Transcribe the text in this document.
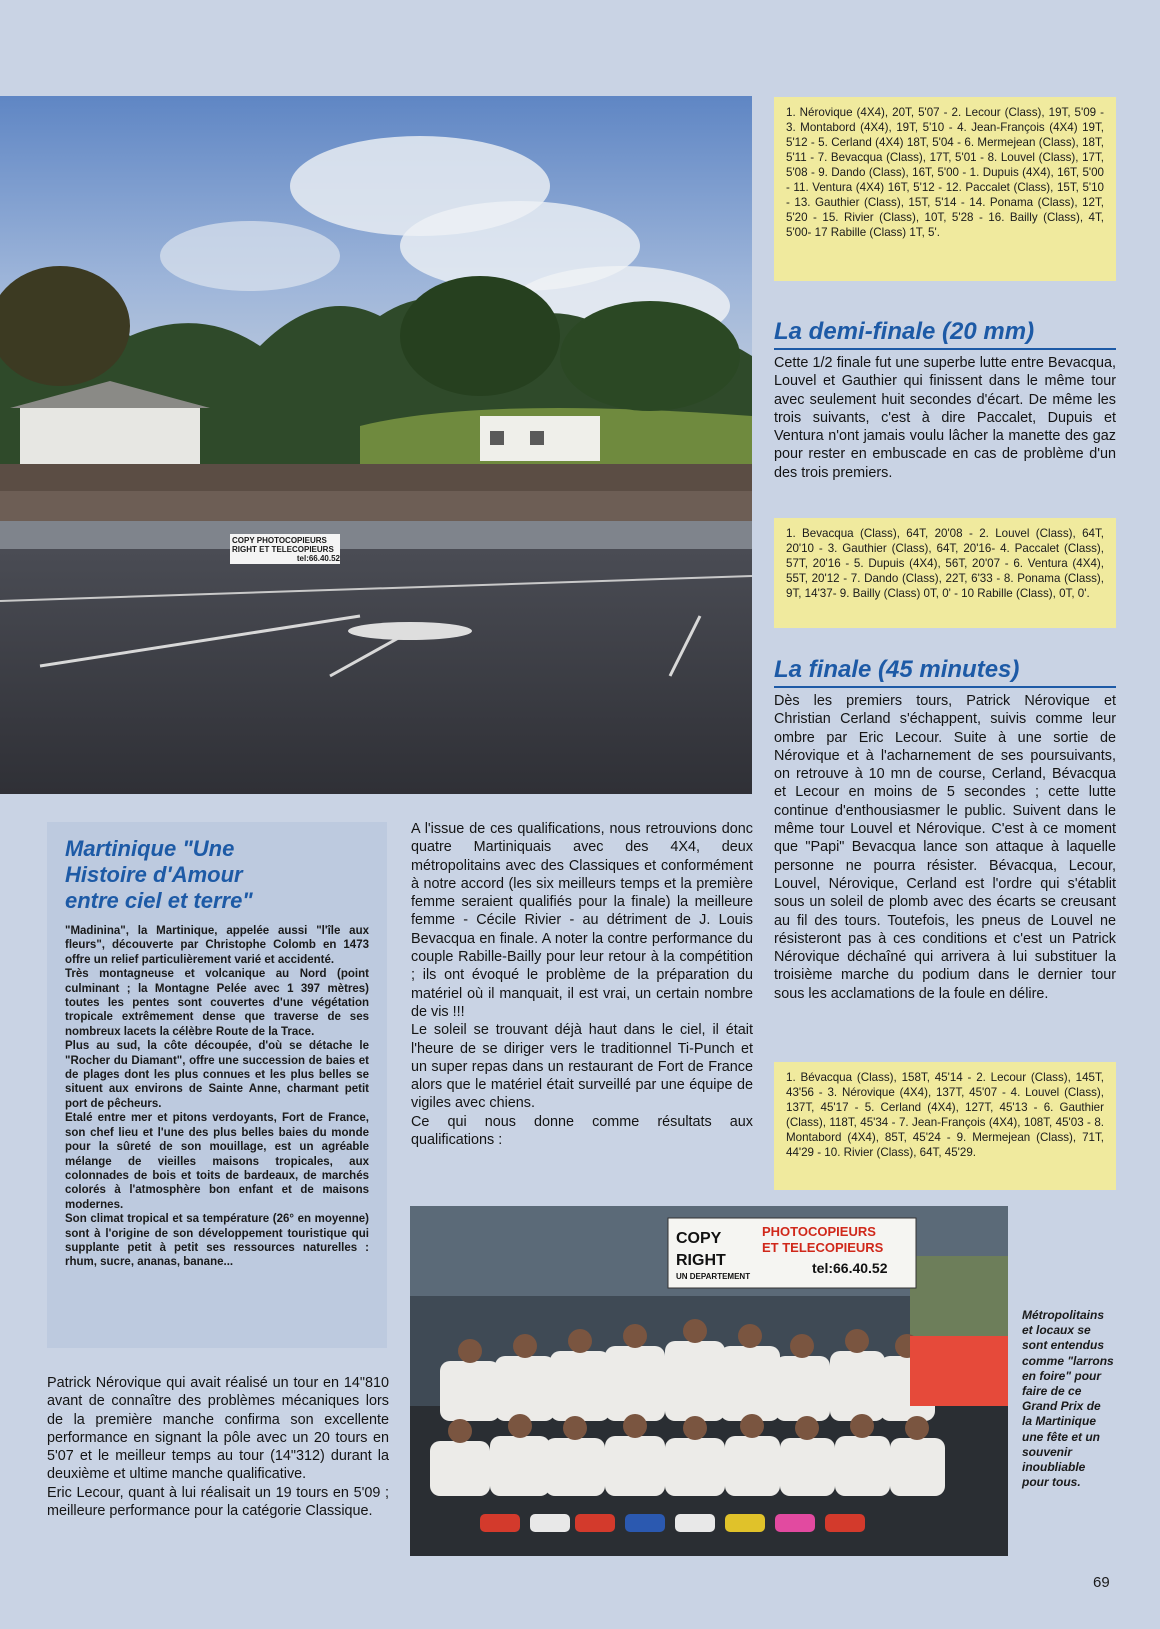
COPY PHOTOCOPIEURS
RIGHT ET TELECOPIEURS
tel:66.40.52

1. Nérovique (4X4), 20T, 5'07 - 2. Lecour (Class), 19T, 5'09 - 3. Montabord (4X4), 19T, 5'10 - 4. Jean-François (4X4) 19T, 5'12 - 5. Cerland (4X4) 18T, 5'04 - 6. Mermejean (Class), 18T, 5'11 - 7. Bevacqua (Class), 17T, 5'01 - 8. Louvel (Class), 17T, 5'08 - 9. Dando (Class), 16T, 5'00 - 1. Dupuis (4X4), 16T, 5'00 - 11. Ventura (4X4) 16T, 5'12 - 12. Paccalet (Class), 15T, 5'10 - 13. Gauthier (Class), 15T, 5'14 - 14. Ponama (Class), 12T, 5'20 - 15. Rivier (Class), 10T, 5'28 - 16. Bailly (Class), 4T, 5'00- 17 Rabille (Class) 1T, 5'.

La demi-finale (20 mm)

Cette 1/2 finale fut une superbe lutte entre Bevacqua, Louvel et Gauthier qui finissent dans le même tour avec seulement huit secondes d'écart. De même les trois suivants, c'est à dire Paccalet, Dupuis et Ventura n'ont jamais voulu lâcher la manette des gaz pour rester en embuscade en cas de problème d'un des trois premiers.

1. Bevacqua (Class), 64T, 20'08 - 2. Louvel (Class), 64T, 20'10 - 3. Gauthier (Class), 64T, 20'16- 4. Paccalet (Class), 57T, 20'16 - 5. Dupuis (4X4), 56T, 20'07 - 6. Ventura (4X4), 55T, 20'12 - 7. Dando (Class), 22T, 6'33 - 8. Ponama (Class), 9T, 14'37- 9. Bailly (Class) 0T, 0' - 10 Rabille (Class), 0T, 0'.

La finale (45 minutes)

Dès les premiers tours, Patrick Nérovique et Christian Cerland s'échappent, suivis comme leur ombre par Eric Lecour. Suite à une sortie de Nérovique et à l'acharnement de ses poursuivants, on retrouve à 10 mn de course, Cerland, Bévacqua et Lecour en moins de 5 secondes ; cette lutte continue d'enthousiasmer le public. Suivent dans le même tour Louvel et Nérovique. C'est à ce moment que "Papi" Bevacqua lance son attaque à laquelle personne ne pourra résister. Bévacqua, Lecour, Louvel, Nérovique, Cerland est l'ordre qui s'établit sous un soleil de plomb avec des écarts se creusant au fil des tours. Toutefois, les pneus de Louvel ne résisteront pas à ces conditions et c'est un Patrick Nérovique déchaîné qui arrivera à lui substituer la troisième marche du podium dans le dernier tour sous les acclamations de la foule en délire.

1. Bévacqua (Class), 158T, 45'14 - 2. Lecour (Class), 145T, 43'56 - 3. Nérovique (4X4), 137T, 45'07 - 4. Louvel (Class), 137T, 45'17 - 5. Cerland (4X4), 127T, 45'13 - 6. Gauthier (Class), 118T, 45'34 - 7. Jean-François (4X4), 108T, 45'03 - 8. Montabord (4X4), 85T, 45'24 - 9. Mermejean (Class), 71T, 44'29 - 10. Rivier (Class), 64T, 45'29.

Martinique "Une
Histoire d'Amour
entre ciel et terre"

"Madinina", la Martinique, appelée aussi "l'île aux fleurs", découverte par Christophe Colomb en 1473 offre un relief particulièrement varié et accidenté.
Très montagneuse et volcanique au Nord (point culminant ; la Montagne Pelée avec 1 397 mètres) toutes les pentes sont couvertes d'une végétation tropicale extrêmement dense que traverse de ses nombreux lacets la célèbre Route de la Trace.
Plus au sud, la côte découpée, d'où se détache le "Rocher du Diamant", offre une succession de baies et de plages dont les plus connues et les plus belles se situent aux environs de Sainte Anne, charmant petit port de pêcheurs.
Etalé entre mer et pitons verdoyants, Fort de France, son chef lieu et l'une des plus belles baies du monde pour la sûreté de son mouillage, est un agréable mélange de vieilles maisons tropicales, aux colonnades de bois et toits de bardeaux, de marchés colorés à l'atmosphère bon enfant et de maisons modernes.
Son climat tropical et sa température (26° en moyenne) sont à l'origine de son développement touristique qui supplante petit à petit ses ressources naturelles : rhum, sucre, ananas, banane...

Patrick Nérovique qui avait réalisé un tour en 14"810 avant de connaître des problèmes mécaniques lors de la première manche confirma son excellente performance en signant la pôle avec un 20 tours en 5'07 et le meilleur temps au tour (14"312) durant la deuxième et ultime manche qualificative.
Eric Lecour, quant à lui réalisait un 19 tours en 5'09 ; meilleure performance pour la catégorie Classique.

A l'issue de ces qualifications, nous retrouvions donc quatre Martiniquais avec des 4X4, deux métropolitains avec des Classiques et conformément à notre accord (les six meilleurs temps et la première femme seraient qualifiés pour la finale) la meilleure femme - Cécile Rivier - au détriment de J. Louis Bevacqua en finale. A noter la contre performance du couple Rabille-Bailly pour leur retour à la compétition ; ils ont évoqué le problème de la préparation du matériel où il manquait, il est vrai, un certain nombre de vis !!!
Le soleil se trouvant déjà haut dans le ciel, il était l'heure de se diriger vers le traditionnel Ti-Punch et un super repas dans un restaurant de Fort de France alors que le matériel était surveillé par une équipe de vigiles avec chiens.
Ce qui nous donne comme résultats aux qualifications :

COPY
RIGHT
PHOTOCOPIEURS
ET TELECOPIEURS
tel:66.40.52
UN DEPARTEMENT

Métropolitains et locaux se sont entendus comme "larrons en foire" pour faire de ce Grand Prix de la Martinique une fête et un souvenir inoubliable pour tous.

69
